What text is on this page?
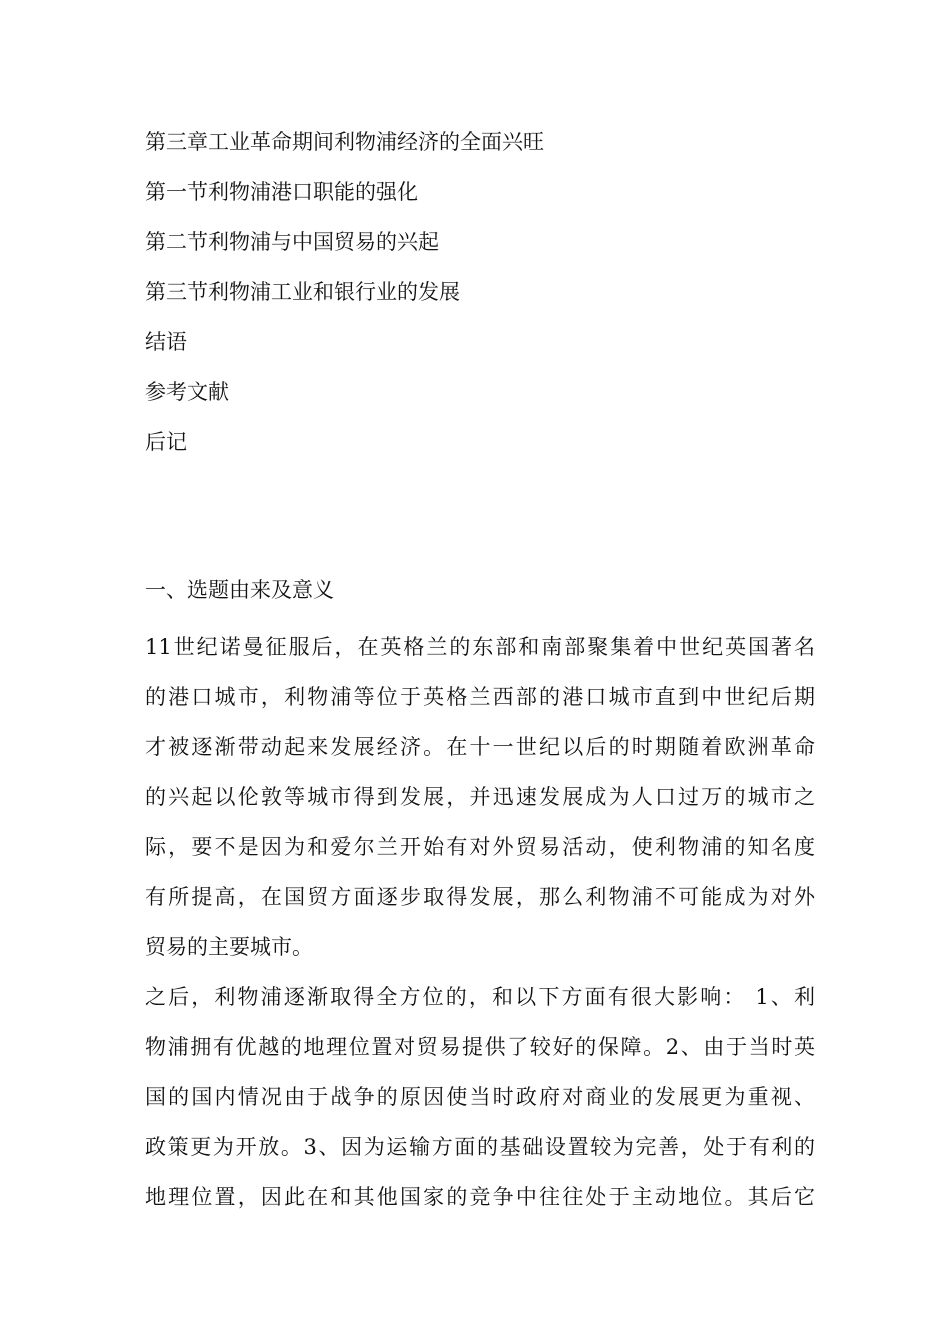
第三章工业革命期间利物浦经济的全面兴旺
第一节利物浦港口职能的强化
第二节利物浦与中国贸易的兴起
第三节利物浦工业和银行业的发展
结语
参考文献
后记
一、选题由来及意义

11世纪诺曼征服后，在英格兰的东部和南部聚集着中世纪英国著名
的港口城市，利物浦等位于英格兰西部的港口城市直到中世纪后期
才被逐渐带动起来发展经济。在十一世纪以后的时期随着欧洲革命
的兴起以伦敦等城市得到发展，并迅速发展成为人口过万的城市之
际，要不是因为和爱尔兰开始有对外贸易活动，使利物浦的知名度
有所提高，在国贸方面逐步取得发展，那么利物浦不可能成为对外
贸易的主要城市。

之后，利物浦逐渐取得全方位的，和以下方面有很大影响： 1、利
物浦拥有优越的地理位置对贸易提供了较好的保障。2、由于当时英
国的国内情况由于战争的原因使当时政府对商业的发展更为重视、
政策更为开放。3、因为运输方面的基础设置较为完善，处于有利的
地理位置，因此在和其他国家的竞争中往往处于主动地位。其后它
